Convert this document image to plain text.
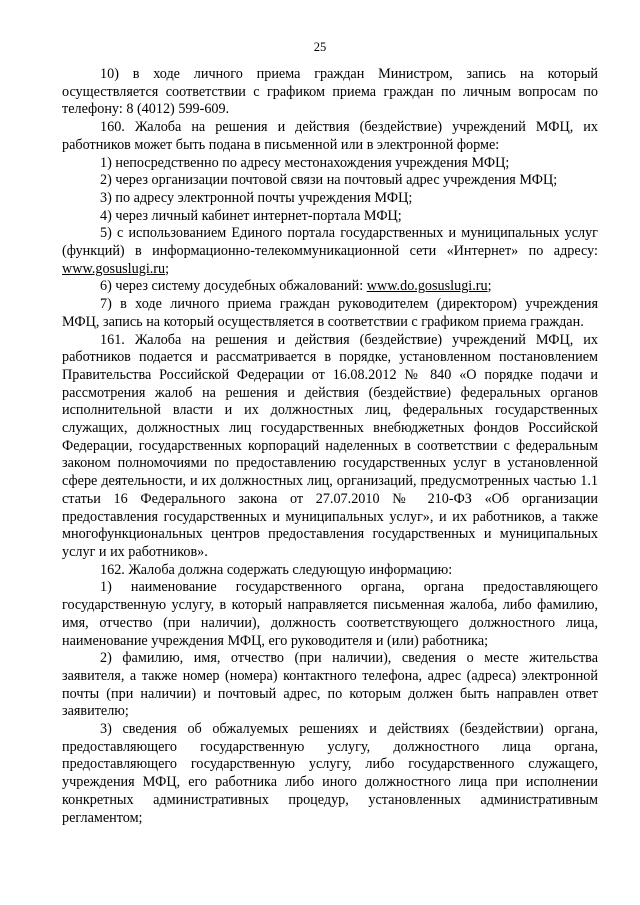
25

10) в ходе личного приема граждан Министром, запись на который осуществляется соответствии с графиком приема граждан по личным вопросам по телефону: 8 (4012) 599-609.

160. Жалоба на решения и действия (бездействие) учреждений МФЦ, их работников может быть подана в письменной или в электронной форме:

1) непосредственно по адресу местонахождения учреждения МФЦ;

2) через организации почтовой связи на почтовый адрес учреждения МФЦ;

3) по адресу электронной почты учреждения МФЦ;

4) через личный кабинет интернет-портала МФЦ;

5) с использованием Единого портала государственных и муниципальных услуг (функций) в информационно-телекоммуникационной сети «Интернет» по адресу: www.gosuslugi.ru;

6) через систему досудебных обжалований: www.do.gosuslugi.ru;

7) в ходе личного приема граждан руководителем (директором) учреждения МФЦ, запись на который осуществляется в соответствии с графиком приема граждан.

161. Жалоба на решения и действия (бездействие) учреждений МФЦ, их работников подается и рассматривается в порядке, установленном постановлением Правительства Российской Федерации от 16.08.2012 № 840 «О порядке подачи и рассмотрения жалоб на решения и действия (бездействие) федеральных органов исполнительной власти и их должностных лиц, федеральных государственных служащих, должностных лиц государственных внебюджетных фондов Российской Федерации, государственных корпораций наделенных в соответствии с федеральным законом полномочиями по предоставлению государственных услуг в установленной сфере деятельности, и их должностных лиц, организаций, предусмотренных частью 1.1 статьи 16 Федерального закона от 27.07.2010 № 210-ФЗ «Об организации предоставления государственных и муниципальных услуг», и их работников, а также многофункциональных центров предоставления государственных и муниципальных услуг и их работников».

162. Жалоба должна содержать следующую информацию:

1) наименование государственного органа, органа предоставляющего государственную услугу, в который направляется письменная жалоба, либо фамилию, имя, отчество (при наличии), должность соответствующего должностного лица, наименование учреждения МФЦ, его руководителя и (или) работника;

2) фамилию, имя, отчество (при наличии), сведения о месте жительства заявителя, а также номер (номера) контактного телефона, адрес (адреса) электронной почты (при наличии) и почтовый адрес, по которым должен быть направлен ответ заявителю;

3) сведения об обжалуемых решениях и действиях (бездействии) органа, предоставляющего государственную услугу, должностного лица органа, предоставляющего государственную услугу, либо государственного служащего, учреждения МФЦ, его работника либо иного должностного лица при исполнении конкретных административных процедур, установленных административным регламентом;
